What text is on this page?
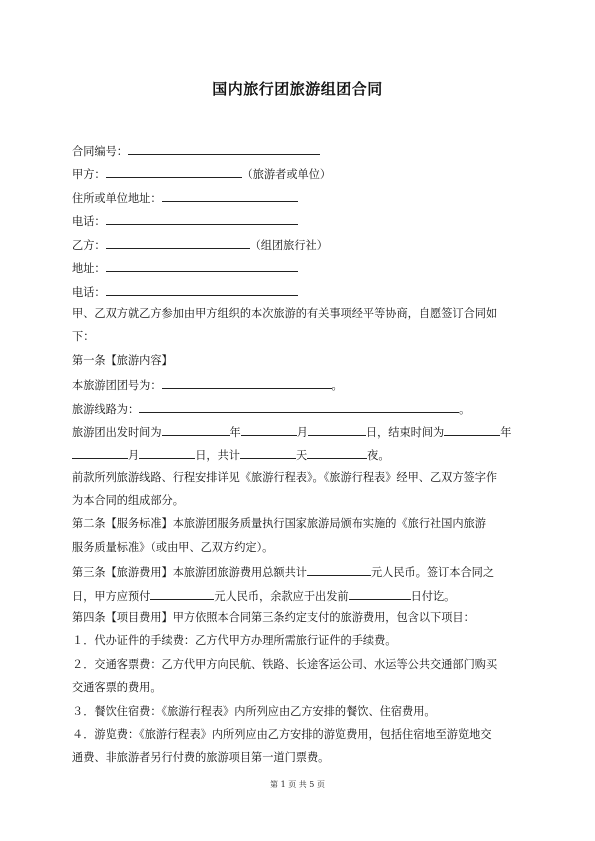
国内旅行团旅游组团合同
合同编号：
甲方：	（旅游者或单位）
住所或单位地址：
电话：
乙方：	（组团旅行社）
地址：
电话：
甲、乙双方就乙方参加由甲方组织的本次旅游的有关事项经平等协商，自愿签订合同如
下：
第一条【旅游内容】
本旅游团团号为：	。
旅游线路为：	。
旅游团出发时间为	年	月	日，结束时间为	年
月	日，共计	天	夜。
前款所列旅游线路、行程安排详见《旅游行程表》。《旅游行程表》经甲、乙双方签字作
为本合同的组成部分。
第二条【服务标准】本旅游团服务质量执行国家旅游局颁布实施的《旅行社国内旅游
服务质量标准》（或由甲、乙双方约定）。
第三条【旅游费用】本旅游团旅游费用总额共计	元人民币。签订本合同之
日，甲方应预付	元人民币，余款应于出发前	日付讫。
第四条【项目费用】甲方依照本合同第三条约定支付的旅游费用，包含以下项目：
１．代办证件的手续费：乙方代甲方办理所需旅行证件的手续费。
２．交通客票费：乙方代甲方向民航、铁路、长途客运公司、水运等公共交通部门购买
交通客票的费用。
３．餐饮住宿费：《旅游行程表》内所列应由乙方安排的餐饮、住宿费用。
４．游览费：《旅游行程表》内所列应由乙方安排的游览费用，包括住宿地至游览地交
通费、非旅游者另行付费的旅游项目第一道门票费。
第 1 页 共 5 页
